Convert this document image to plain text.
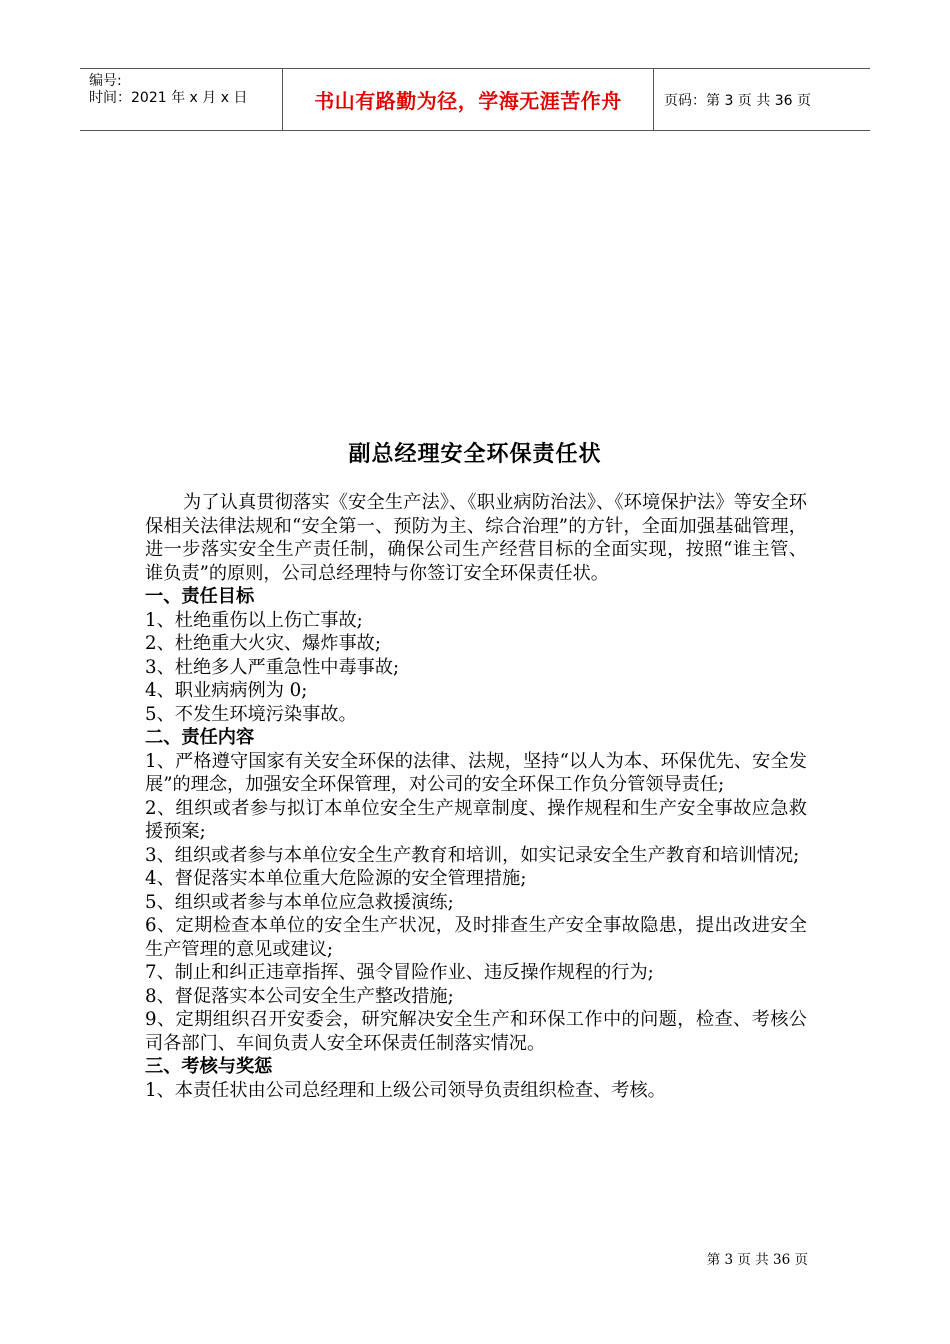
编号:
时间：2021 年 x 月 x 日	书山有路勤为径，学海无涯苦作舟	页码：第 3 页 共 36 页
副总经理安全环保责任状

为了认真贯彻落实《安全生产法》、《职业病防治法》、《环境保护法》等安全环保相关法律法规和“安全第一、预防为主、综合治理”的方针，全面加强基础管理，进一步落实安全生产责任制，确保公司生产经营目标的全面实现，按照“谁主管、谁负责”的原则，公司总经理特与你签订安全环保责任状。

一、责任目标

1、杜绝重伤以上伤亡事故;

2、杜绝重大火灾、爆炸事故;

3、杜绝多人严重急性中毒事故;

4、职业病病例为 0;

5、不发生环境污染事故。

二、责任内容

1、严格遵守国家有关安全环保的法律、法规，坚持“以人为本、环保优先、安全发展”的理念，加强安全环保管理，对公司的安全环保工作负分管领导责任;

2、组织或者参与拟订本单位安全生产规章制度、操作规程和生产安全事故应急救援预案;

3、组织或者参与本单位安全生产教育和培训，如实记录安全生产教育和培训情况;

4、督促落实本单位重大危险源的安全管理措施;

5、组织或者参与本单位应急救援演练;

6、定期检查本单位的安全生产状况，及时排查生产安全事故隐患，提出改进安全生产管理的意见或建议;

7、制止和纠正违章指挥、强令冒险作业、违反操作规程的行为;

8、督促落实本公司安全生产整改措施;

9、定期组织召开安委会，研究解决安全生产和环保工作中的问题，检查、考核公司各部门、车间负责人安全环保责任制落实情况。

三、考核与奖惩

1、本责任状由公司总经理和上级公司领导负责组织检查、考核。

第 3 页 共 36 页
